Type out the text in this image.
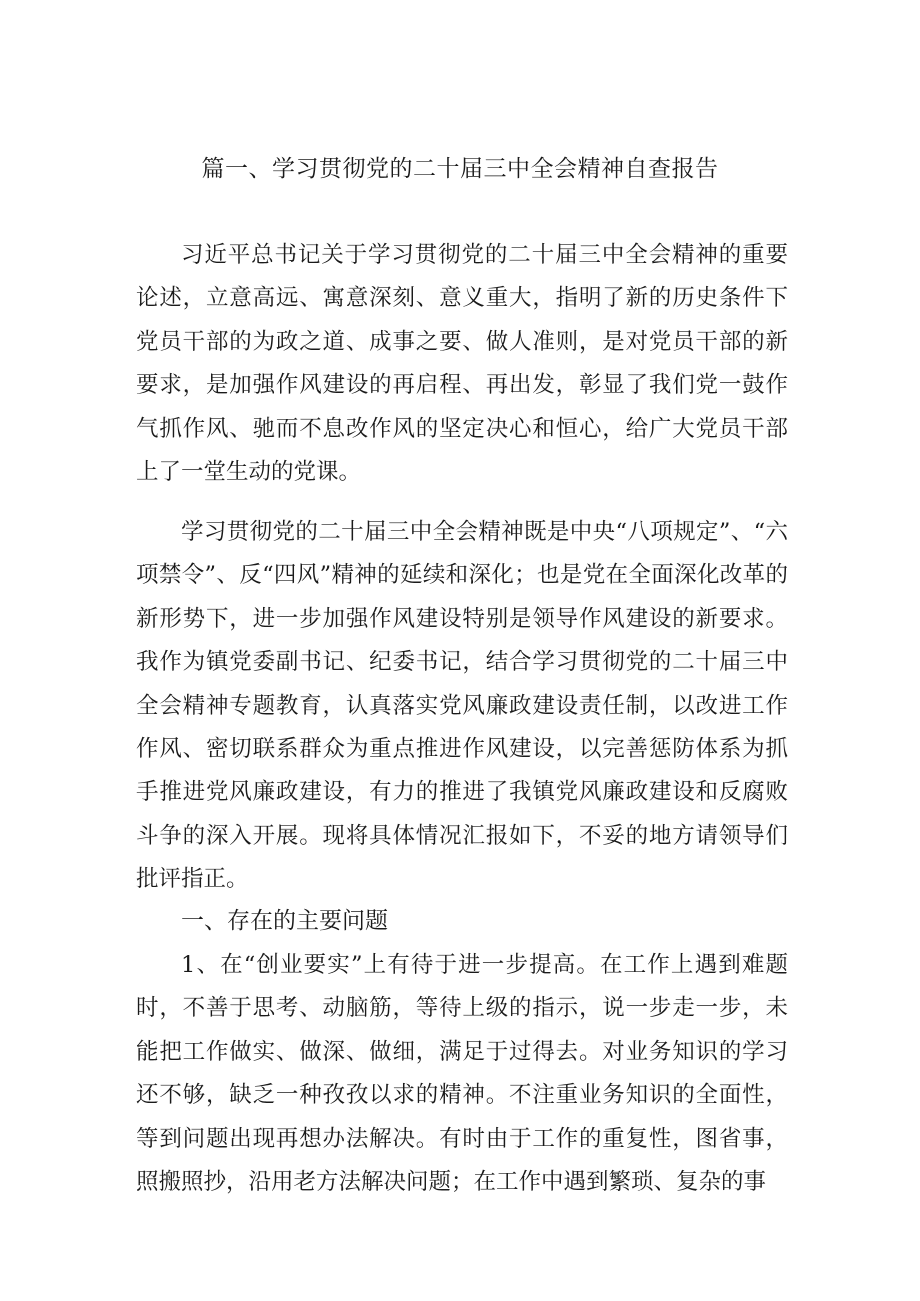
篇一、学习贯彻党的二十届三中全会精神自查报告

习近平总书记关于学习贯彻党的二十届三中全会精神的重要论述，立意高远、寓意深刻、意义重大，指明了新的历史条件下党员干部的为政之道、成事之要、做人准则，是对党员干部的新要求，是加强作风建设的再启程、再出发，彰显了我们党一鼓作气抓作风、驰而不息改作风的坚定决心和恒心，给广大党员干部上了一堂生动的党课。

学习贯彻党的二十届三中全会精神既是中央“八项规定”、“六项禁令”、反“四风”精神的延续和深化；也是党在全面深化改革的新形势下，进一步加强作风建设特别是领导作风建设的新要求。我作为镇党委副书记、纪委书记，结合学习贯彻党的二十届三中全会精神专题教育，认真落实党风廉政建设责任制，以改进工作作风、密切联系群众为重点推进作风建设，以完善惩防体系为抓手推进党风廉政建设，有力的推进了我镇党风廉政建设和反腐败斗争的深入开展。现将具体情况汇报如下，不妥的地方请领导们批评指正。

一、存在的主要问题

1、在“创业要实”上有待于进一步提高。在工作上遇到难题时，不善于思考、动脑筋，等待上级的指示，说一步走一步，未能把工作做实、做深、做细，满足于过得去。对业务知识的学习还不够，缺乏一种孜孜以求的精神。不注重业务知识的全面性，等到问题出现再想办法解决。有时由于工作的重复性，图省事，照搬照抄，沿用老方法解决问题；在工作中遇到繁琐、复杂的事
